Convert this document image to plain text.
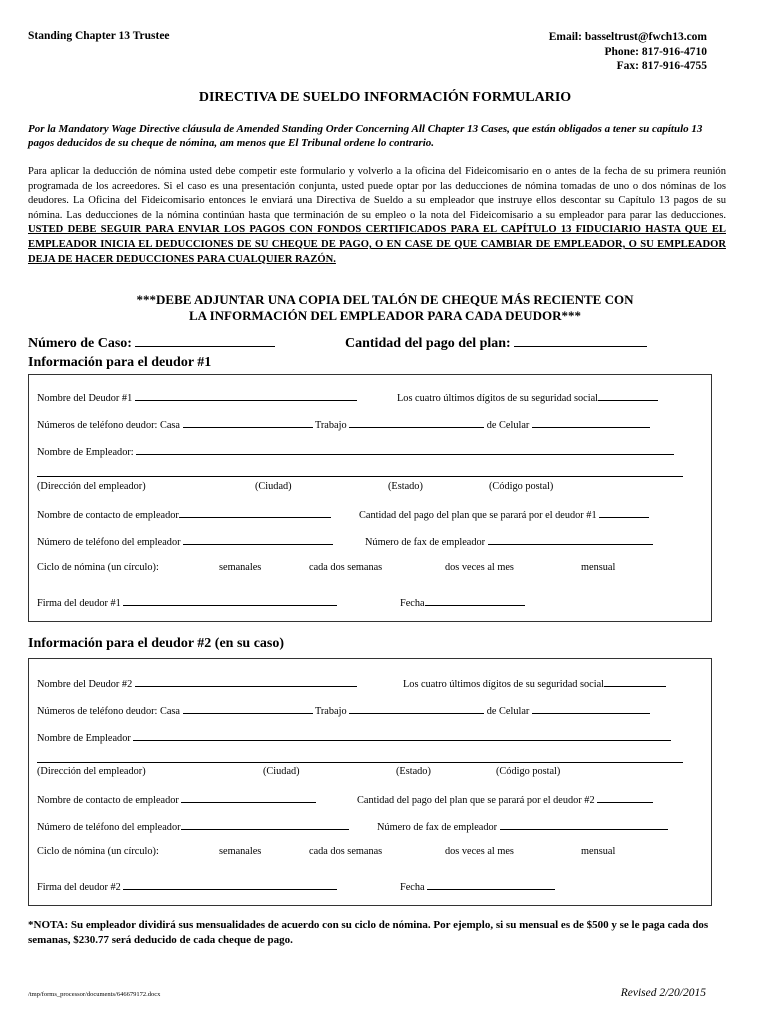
Standing Chapter 13 Trustee	Email: basseltrust@fwch13.com
Phone: 817-916-4710
Fax: 817-916-4755
DIRECTIVA DE SUELDO INFORMACIÓN FORMULARIO
Por la Mandatory Wage Directive cláusula de Amended Standing Order Concerning All Chapter 13 Cases, que están obligados a tener su capítulo 13 pagos deducidos de su cheque de nómina, am menos que El Tribunal ordene lo contrario.
Para aplicar la deducción de nómina usted debe competir este formulario y volverlo a la oficina del Fideicomisario en o antes de la fecha de su primera reunión programada de los acreedores. Si el caso es una presentación conjunta, usted puede optar por las deducciones de nómina tomadas de uno o dos nóminas de los deudores. La Oficina del Fideicomisario entonces le enviará una Directiva de Sueldo a su empleador que instruye ellos descontar su Capítulo 13 pagos de su nómina. Las deducciones de la nómina continúan hasta que terminación de su empleo o la nota del Fideicomisario a su empleador para parar las deducciones. USTED DEBE SEGUIR PARA ENVIAR LOS PAGOS CON FONDOS CERTIFICADOS PARA EL CAPÍTULO 13 FIDUCIARIO HASTA QUE EL EMPLEADOR INICIA EL DEDUCCIONES DE SU CHEQUE DE PAGO, O EN CASE DE QUE CAMBIAR DE EMPLEADOR, O SU EMPLEADOR DEJA DE HACER DEDUCCIONES PARA CUALQUIER RAZÓN.
***DEBE ADJUNTAR UNA COPIA DEL TALÓN DE CHEQUE MÁS RECIENTE CON
LA INFORMACIÓN DEL EMPLEADOR PARA CADA DEUDOR***
Número de Caso:	Cantidad del pago del plan:
Información para el deudor #1
Nombre del Deudor #1	Los cuatro últimos dígitos de su seguridad social
Números de teléfono deudor: Casa	Trabajo	de Celular
Nombre de Empleador:
(Dirección del empleador)	(Ciudad)	(Estado)	(Código postal)
Nombre de contacto de empleador	Cantidad del pago del plan que se parará por el deudor #1
Número de teléfono del empleador	Número de fax de empleador
Ciclo de nómina (un círculo):	semanales	cada dos semanas	dos veces al mes	mensual
Firma del deudor #1	Fecha
Información para el deudor #2 (en su caso)
Nombre del Deudor #2	Los cuatro últimos dígitos de su seguridad social
Números de teléfono deudor: Casa	Trabajo	de Celular
Nombre de Empleador
(Dirección del empleador)	(Ciudad)	(Estado)	(Código postal)
Nombre de contacto de empleador	Cantidad del pago del plan que se parará por el deudor #2
Número de teléfono del empleador	Número de fax de empleador
Ciclo de nómina (un círculo):	semanales	cada dos semanas	dos veces al mes	mensual
Firma del deudor #2	Fecha
*NOTA: Su empleador dividirá sus mensualidades de acuerdo con su ciclo de nómina. Por ejemplo, si su mensual es de $500 y se le paga cada dos semanas, $230.77 será deducido de cada cheque de pago.
/tmp/forms_processor/documents/646679172.docx	Revised 2/20/2015
